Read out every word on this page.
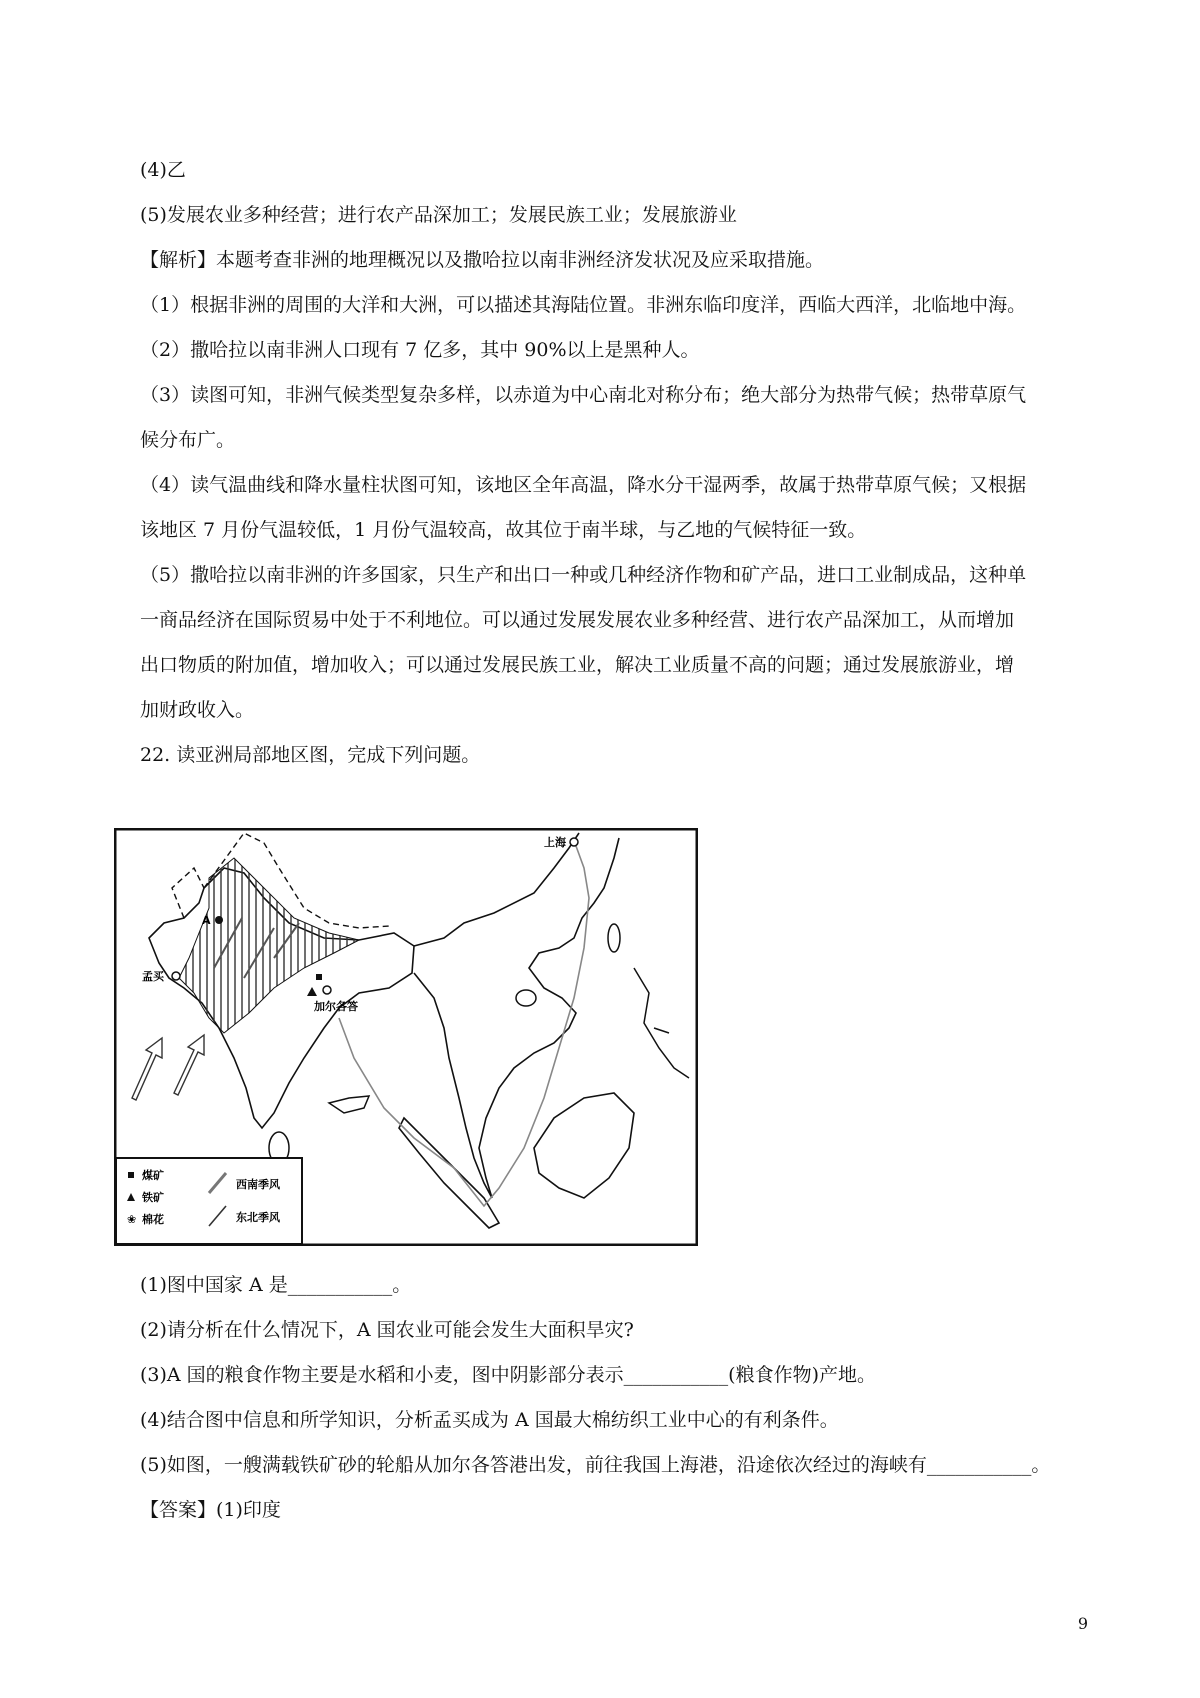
(4)乙
(5)发展农业多种经营；进行农产品深加工；发展民族工业；发展旅游业
【解析】本题考查非洲的地理概况以及撒哈拉以南非洲经济发状况及应采取措施。
（1）根据非洲的周围的大洋和大洲，可以描述其海陆位置。非洲东临印度洋，西临大西洋，北临地中海。
（2）撒哈拉以南非洲人口现有 7 亿多，其中 90%以上是黑种人。
（3）读图可知，非洲气候类型复杂多样，以赤道为中心南北对称分布；绝大部分为热带气候；热带草原气
候分布广。
（4）读气温曲线和降水量柱状图可知，该地区全年高温，降水分干湿两季，故属于热带草原气候；又根据
该地区 7 月份气温较低，1 月份气温较高，故其位于南半球，与乙地的气候特征一致。
（5）撒哈拉以南非洲的许多国家，只生产和出口一种或几种经济作物和矿产品，进口工业制成品，这种单
一商品经济在国际贸易中处于不利地位。可以通过发展发展农业多种经营、进行农产品深加工，从而增加
出口物质的附加值，增加收入；可以通过发展民族工业，解决工业质量不高的问题；通过发展旅游业，增
加财政收入。
22. 读亚洲局部地区图，完成下列问题。
A
孟买
加尔各答
上海
煤矿
铁矿
❀ 棉花
西南季风
东北季风
(1)图中国家 A 是___________。
(2)请分析在什么情况下，A 国农业可能会发生大面积旱灾?
(3)A 国的粮食作物主要是水稻和小麦，图中阴影部分表示___________(粮食作物)产地。
(4)结合图中信息和所学知识，分析孟买成为 A 国最大棉纺织工业中心的有利条件。
(5)如图，一艘满载铁矿砂的轮船从加尔各答港出发，前往我国上海港，沿途依次经过的海峡有___________。
【答案】(1)印度
9
